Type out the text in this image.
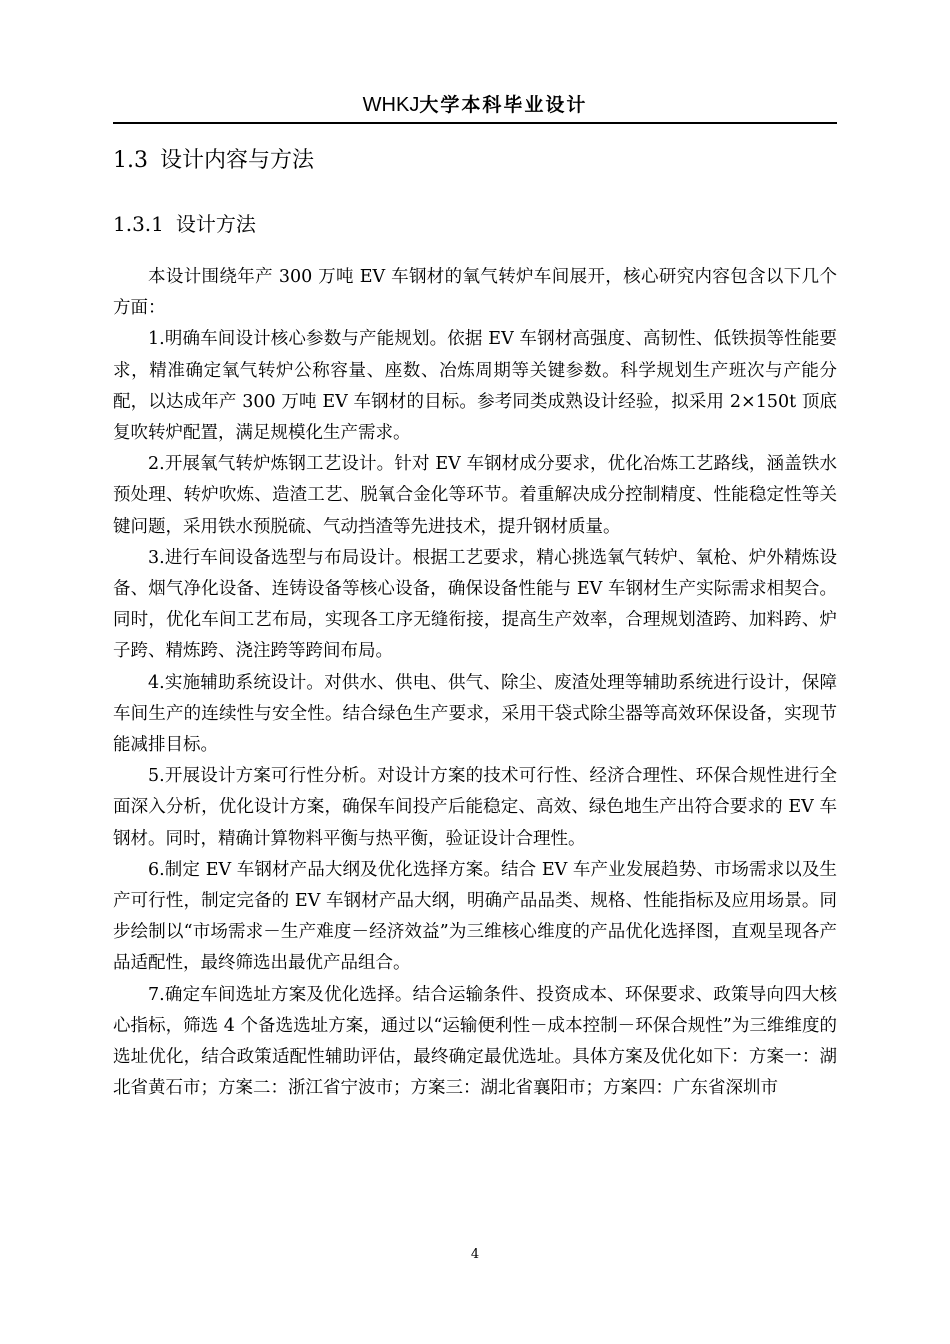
WHKJ大学本科毕业设计
1.3 设计内容与方法
1.3.1 设计方法

本设计围绕年产 300 万吨 EV 车钢材的氧气转炉车间展开，核心研究内容包含以下几个方面：

1.明确车间设计核心参数与产能规划。依据 EV 车钢材高强度、高韧性、低铁损等性能要求，精准确定氧气转炉公称容量、座数、冶炼周期等关键参数。科学规划生产班次与产能分配，以达成年产 300 万吨 EV 车钢材的目标。参考同类成熟设计经验，拟采用 2×150t 顶底复吹转炉配置，满足规模化生产需求。

2.开展氧气转炉炼钢工艺设计。针对 EV 车钢材成分要求，优化冶炼工艺路线，涵盖铁水预处理、转炉吹炼、造渣工艺、脱氧合金化等环节。着重解决成分控制精度、性能稳定性等关键问题，采用铁水预脱硫、气动挡渣等先进技术，提升钢材质量。

3.进行车间设备选型与布局设计。根据工艺要求，精心挑选氧气转炉、氧枪、炉外精炼设备、烟气净化设备、连铸设备等核心设备，确保设备性能与 EV 车钢材生产实际需求相契合。同时，优化车间工艺布局，实现各工序无缝衔接，提高生产效率，合理规划渣跨、加料跨、炉子跨、精炼跨、浇注跨等跨间布局。

4.实施辅助系统设计。对供水、供电、供气、除尘、废渣处理等辅助系统进行设计，保障车间生产的连续性与安全性。结合绿色生产要求，采用干袋式除尘器等高效环保设备，实现节能减排目标。

5.开展设计方案可行性分析。对设计方案的技术可行性、经济合理性、环保合规性进行全面深入分析，优化设计方案，确保车间投产后能稳定、高效、绿色地生产出符合要求的 EV 车钢材。同时，精确计算物料平衡与热平衡，验证设计合理性。

6.制定 EV 车钢材产品大纲及优化选择方案。结合 EV 车产业发展趋势、市场需求以及生产可行性，制定完备的 EV 车钢材产品大纲，明确产品品类、规格、性能指标及应用场景。同步绘制以“市场需求－生产难度－经济效益”为三维核心维度的产品优化选择图，直观呈现各产品适配性，最终筛选出最优产品组合。

7.确定车间选址方案及优化选择。结合运输条件、投资成本、环保要求、政策导向四大核心指标，筛选 4 个备选选址方案，通过以“运输便利性－成本控制－环保合规性”为三维维度的选址优化，结合政策适配性辅助评估，最终确定最优选址。具体方案及优化如下：方案一：湖北省黄石市；方案二：浙江省宁波市；方案三：湖北省襄阳市；方案四：广东省深圳市

4
